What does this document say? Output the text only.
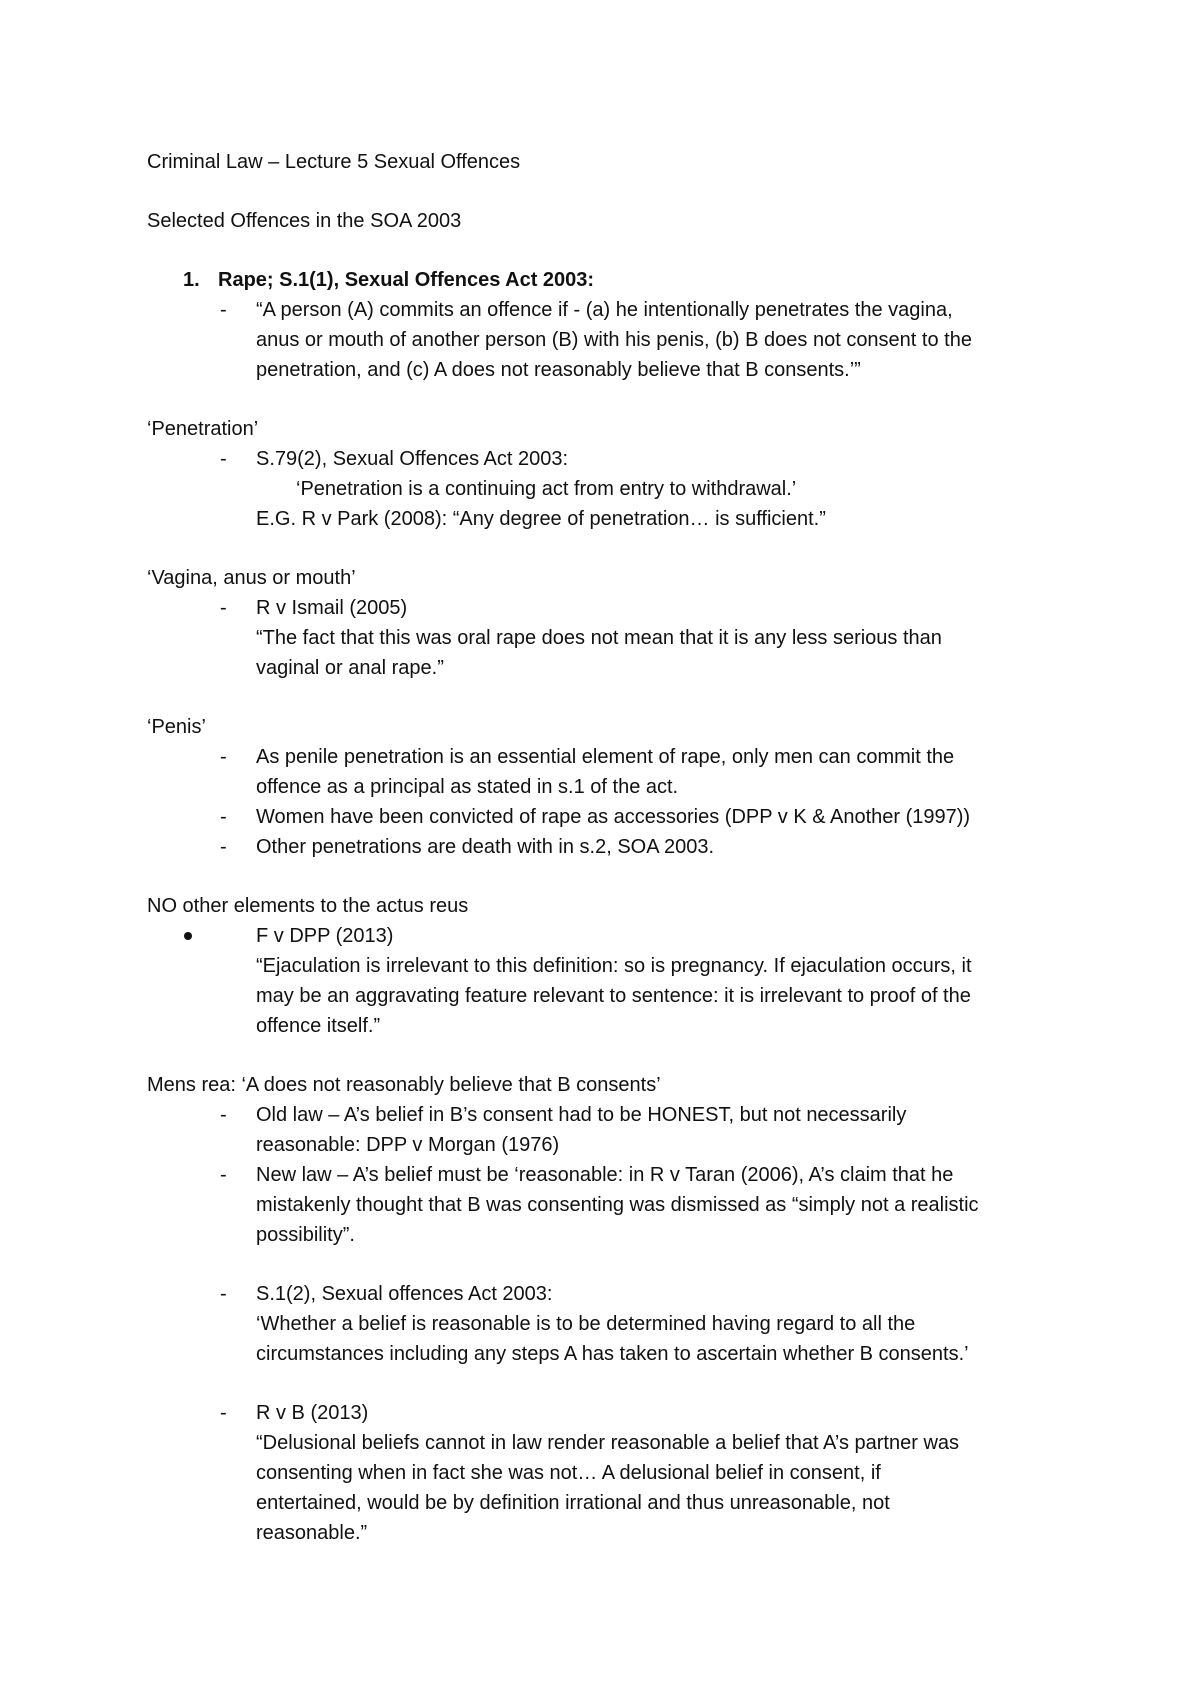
Criminal Law – Lecture 5 Sexual Offences
Selected Offences in the SOA 2003
1. Rape; S.1(1), Sexual Offences Act 2003:
- “A person (A) commits an offence if - (a) he intentionally penetrates the vagina,
anus or mouth of another person (B) with his penis, (b) B does not consent to the
penetration, and (c) A does not reasonably believe that B consents.’”
‘Penetration’
- S.79(2), Sexual Offences Act 2003:
‘Penetration is a continuing act from entry to withdrawal.’
E.G. R v Park (2008): “Any degree of penetration… is sufficient.”
‘Vagina, anus or mouth’
- R v Ismail (2005)
“The fact that this was oral rape does not mean that it is any less serious than
vaginal or anal rape.”
‘Penis’
- As penile penetration is an essential element of rape, only men can commit the
offence as a principal as stated in s.1 of the act.
- Women have been convicted of rape as accessories (DPP v K & Another (1997))
- Other penetrations are death with in s.2, SOA 2003.
NO other elements to the actus reus
F v DPP (2013)
“Ejaculation is irrelevant to this definition: so is pregnancy. If ejaculation occurs, it
may be an aggravating feature relevant to sentence: it is irrelevant to proof of the
offence itself.”
Mens rea: ‘A does not reasonably believe that B consents’
- Old law – A’s belief in B’s consent had to be HONEST, but not necessarily
reasonable: DPP v Morgan (1976)
- New law – A’s belief must be ‘reasonable: in R v Taran (2006), A’s claim that he
mistakenly thought that B was consenting was dismissed as “simply not a realistic
possibility”.
- S.1(2), Sexual offences Act 2003:
‘Whether a belief is reasonable is to be determined having regard to all the
circumstances including any steps A has taken to ascertain whether B consents.’
- R v B (2013)
“Delusional beliefs cannot in law render reasonable a belief that A’s partner was
consenting when in fact she was not… A delusional belief in consent, if
entertained, would be by definition irrational and thus unreasonable, not
reasonable.”
